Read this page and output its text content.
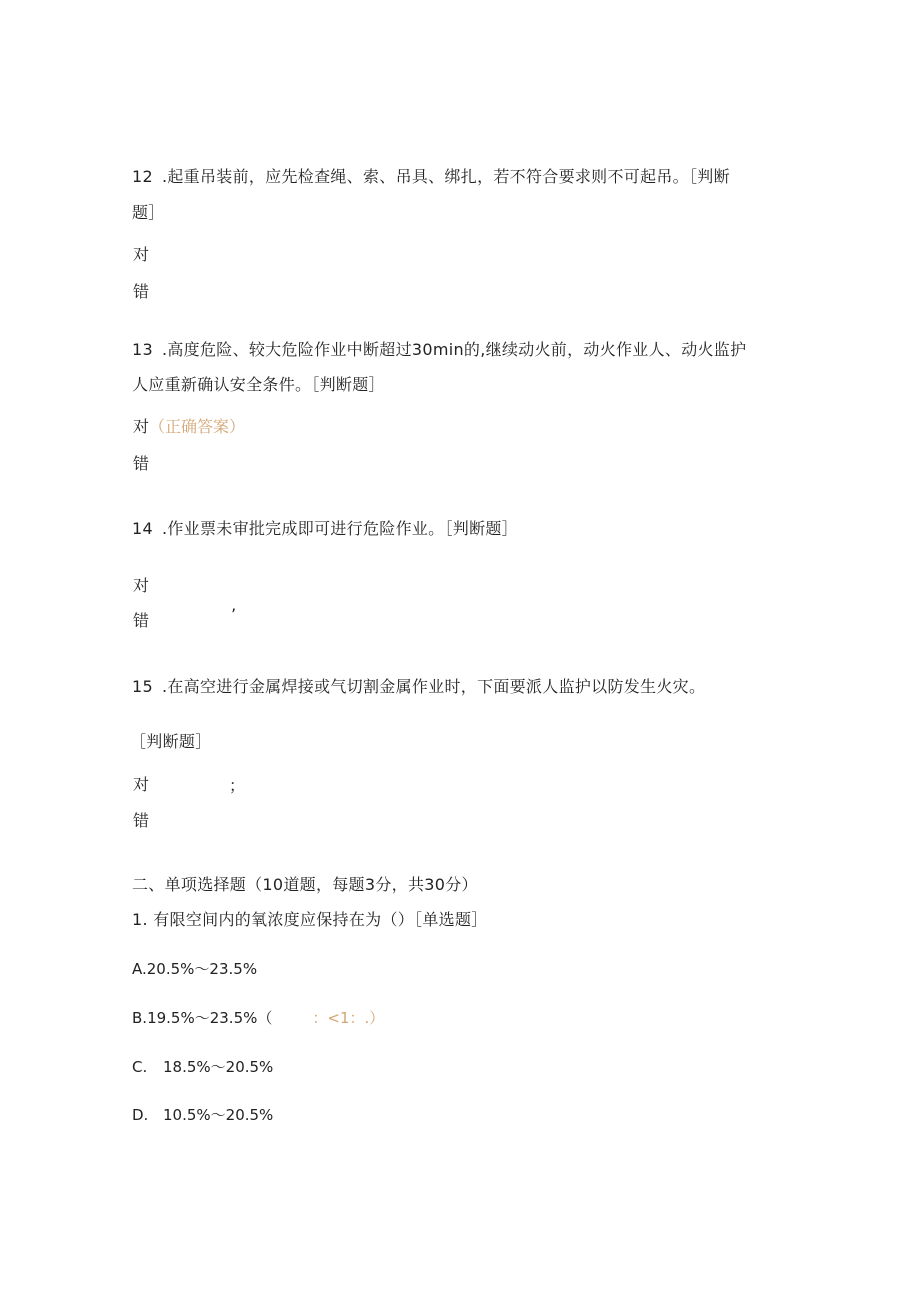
12 .起重吊装前，应先检查绳、索、吊具、绑扎，若不符合要求则不可起吊。［判断
题］
对
错
13 .高度危险、较大危险作业中断超过30min的,继续动火前，动火作业人、动火监护
人应重新确认安全条件。［判断题］
对（正确答案）
错
14 .作业票未审批完成即可进行危险作业。［判断题］
对
错	’
15 .在高空进行金属焊接或气切割金属作业时，下面要派人监护以防发生火灾。
［判断题］
对	；
错
二、单项选择题（10道题，每题3分，共30分）
1. 有限空间内的氧浓度应保持在为（）［单选题］
A.20.5%～23.5%
B.19.5%～23.5%（	：<1：.）
C. 18.5%～20.5%
D. 10.5%～20.5%
